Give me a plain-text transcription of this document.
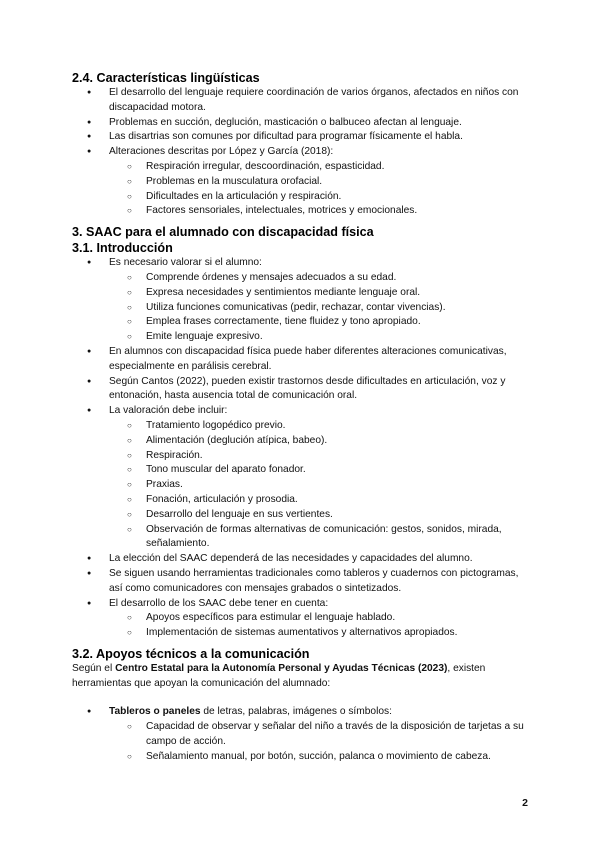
2.4. Características lingüísticas
● El desarrollo del lenguaje requiere coordinación de varios órganos, afectados en niños con discapacidad motora.
● Problemas en succión, deglución, masticación o balbuceo afectan al lenguaje.
● Las disartrias son comunes por dificultad para programar físicamente el habla.
● Alteraciones descritas por López y García (2018):
○ Respiración irregular, descoordinación, espasticidad.
○ Problemas en la musculatura orofacial.
○ Dificultades en la articulación y respiración.
○ Factores sensoriales, intelectuales, motrices y emocionales.
3. SAAC para el alumnado con discapacidad física
3.1. Introducción
● Es necesario valorar si el alumno:
○ Comprende órdenes y mensajes adecuados a su edad.
○ Expresa necesidades y sentimientos mediante lenguaje oral.
○ Utiliza funciones comunicativas (pedir, rechazar, contar vivencias).
○ Emplea frases correctamente, tiene fluidez y tono apropiado.
○ Emite lenguaje expresivo.
● En alumnos con discapacidad física puede haber diferentes alteraciones comunicativas, especialmente en parálisis cerebral.
● Según Cantos (2022), pueden existir trastornos desde dificultades en articulación, voz y entonación, hasta ausencia total de comunicación oral.
● La valoración debe incluir:
○ Tratamiento logopédico previo.
○ Alimentación (deglución atípica, babeo).
○ Respiración.
○ Tono muscular del aparato fonador.
○ Praxias.
○ Fonación, articulación y prosodia.
○ Desarrollo del lenguaje en sus vertientes.
○ Observación de formas alternativas de comunicación: gestos, sonidos, mirada, señalamiento.
● La elección del SAAC dependerá de las necesidades y capacidades del alumno.
● Se siguen usando herramientas tradicionales como tableros y cuadernos con pictogramas, así como comunicadores con mensajes grabados o sintetizados.
● El desarrollo de los SAAC debe tener en cuenta:
○ Apoyos específicos para estimular el lenguaje hablado.
○ Implementación de sistemas aumentativos y alternativos apropiados.
3.2. Apoyos técnicos a la comunicación

Según el Centro Estatal para la Autonomía Personal y Ayudas Técnicas (2023), existen herramientas que apoyan la comunicación del alumnado:

● Tableros o paneles de letras, palabras, imágenes o símbolos:
○ Capacidad de observar y señalar del niño a través de la disposición de tarjetas a su campo de acción.
○ Señalamiento manual, por botón, succión, palanca o movimiento de cabeza.
2
